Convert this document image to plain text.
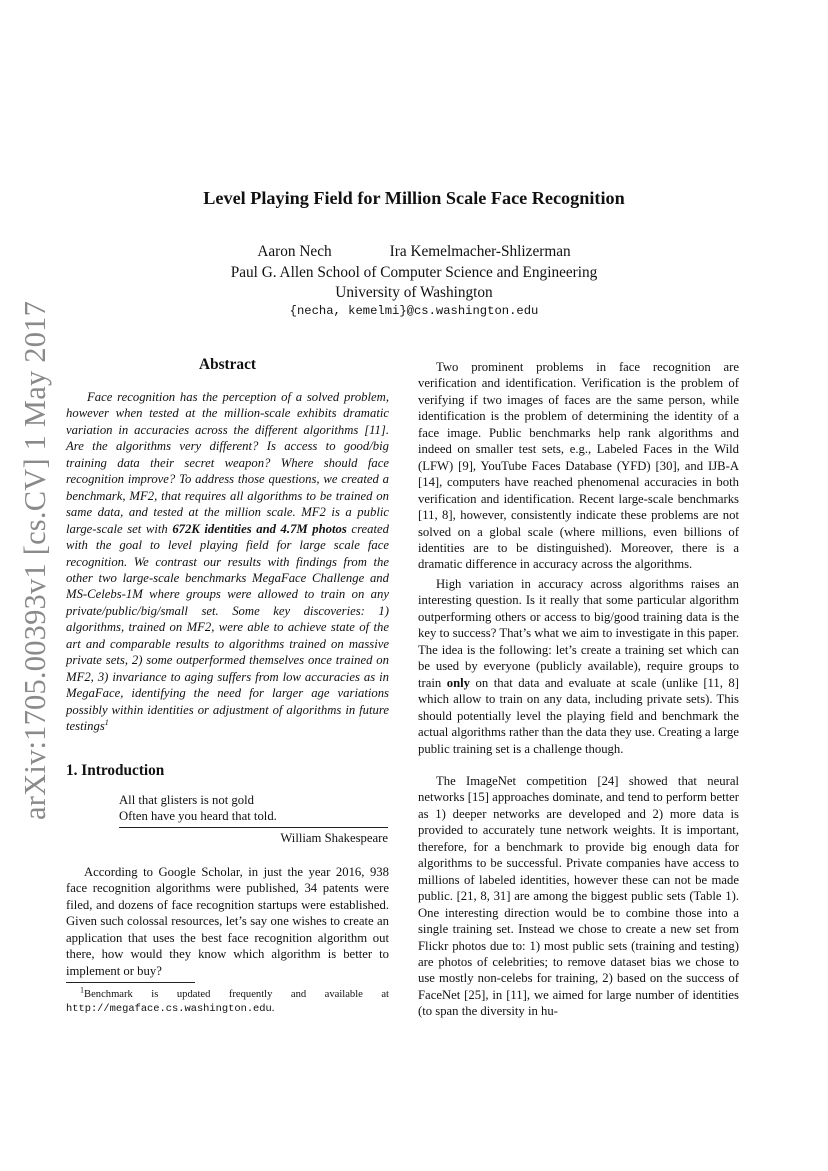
arXiv:1705.00393v1 [cs.CV] 1 May 2017
Level Playing Field for Million Scale Face Recognition
Aaron Nech	Ira Kemelmacher-Shlizerman
Paul G. Allen School of Computer Science and Engineering
University of Washington
{necha, kemelmi}@cs.washington.edu
Abstract
Face recognition has the perception of a solved problem, however when tested at the million-scale exhibits dramatic variation in accuracies across the different algorithms [11]. Are the algorithms very different? Is access to good/big training data their secret weapon? Where should face recognition improve? To address those questions, we created a benchmark, MF2, that requires all algorithms to be trained on same data, and tested at the million scale. MF2 is a public large-scale set with 672K identities and 4.7M photos created with the goal to level playing field for large scale face recognition. We contrast our results with findings from the other two large-scale benchmarks MegaFace Challenge and MS-Celebs-1M where groups were allowed to train on any private/public/big/small set. Some key discoveries: 1) algorithms, trained on MF2, were able to achieve state of the art and comparable results to algorithms trained on massive private sets, 2) some outperformed themselves once trained on MF2, 3) invariance to aging suffers from low accuracies as in MegaFace, identifying the need for larger age variations possibly within identities or adjustment of algorithms in future testings$^1$
1. Introduction
All that glisters is not gold
Often have you heard that told.
William Shakespeare
According to Google Scholar, in just the year 2016, 938 face recognition algorithms were published, 34 patents were filed, and dozens of face recognition startups were established. Given such colossal resources, let’s say one wishes to create an application that uses the best face recognition algorithm out there, how would they know which algorithm is better to implement or buy?
$^1$Benchmark is updated frequently and available at http://megaface.cs.washington.edu.
Two prominent problems in face recognition are verification and identification. Verification is the problem of verifying if two images of faces are the same person, while identification is the problem of determining the identity of a face image. Public benchmarks help rank algorithms and indeed on smaller test sets, e.g., Labeled Faces in the Wild (LFW) [9], YouTube Faces Database (YFD) [30], and IJB-A [14], computers have reached phenomenal accuracies in both verification and identification. Recent large-scale benchmarks [11, 8], however, consistently indicate these problems are not solved on a global scale (where millions, even billions of identities are to be distinguished). Moreover, there is a dramatic difference in accuracy across the algorithms.
High variation in accuracy across algorithms raises an interesting question. Is it really that some particular algorithm outperforming others or access to big/good training data is the key to success? That’s what we aim to investigate in this paper. The idea is the following: let’s create a training set which can be used by everyone (publicly available), require groups to train only on that data and evaluate at scale (unlike [11, 8] which allow to train on any data, including private sets). This should potentially level the playing field and benchmark the actual algorithms rather than the data they use. Creating a large public training set is a challenge though.
The ImageNet competition [24] showed that neural networks [15] approaches dominate, and tend to perform better as 1) deeper networks are developed and 2) more data is provided to accurately tune network weights. It is important, therefore, for a benchmark to provide big enough data for algorithms to be successful. Private companies have access to millions of labeled identities, however these can not be made public. [21, 8, 31] are among the biggest public sets (Table 1). One interesting direction would be to combine those into a single training set. Instead we chose to create a new set from Flickr photos due to: 1) most public sets (training and testing) are photos of celebrities; to remove dataset bias we chose to use mostly non-celebs for training, 2) based on the success of FaceNet [25], in [11], we aimed for large number of identities (to span the diversity in hu-
